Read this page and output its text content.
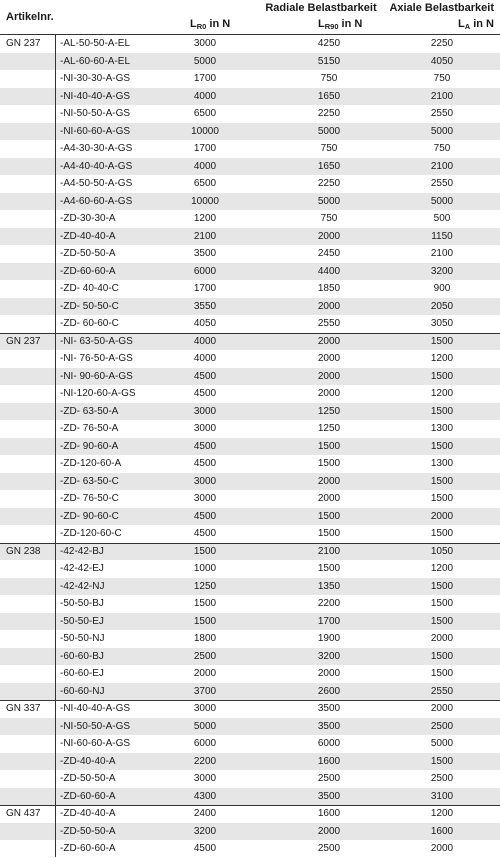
Artikelnr.
Radiale Belastbarkeit
$L_{R0}$ in N	$L_{R90}$ in N
Axiale Belastbarkeit
$L_A$ in N
GN 237 -AL-50-50-A-EL	3000	4250	2250
-AL-60-60-A-EL	5000	5150	4050
-NI-30-30-A-GS	1700	750	750
-NI-40-40-A-GS	4000	1650	2100
-NI-50-50-A-GS	6500	2250	2550
-NI-60-60-A-GS	10000	5000	5000
-A4-30-30-A-GS	1700	750	750
-A4-40-40-A-GS	4000	1650	2100
-A4-50-50-A-GS	6500	2250	2550
-A4-60-60-A-GS	10000	5000	5000
-ZD-30-30-A	1200	750	500
-ZD-40-40-A	2100	2000	1150
-ZD-50-50-A	3500	2450	2100
-ZD-60-60-A	6000	4400	3200
-ZD- 40-40-C	1700	1850	900
-ZD- 50-50-C	3550	2000	2050
-ZD- 60-60-C	4050	2550	3050
GN 237 -NI- 63-50-A-GS	4000	2000	1500
-NI- 76-50-A-GS	4000	2000	1200
-NI- 90-60-A-GS	4500	2000	1500
-NI-120-60-A-GS	4500	2000	1200
-ZD- 63-50-A	3000	1250	1500
-ZD- 76-50-A	3000	1250	1300
-ZD- 90-60-A	4500	1500	1500
-ZD-120-60-A	4500	1500	1300
-ZD- 63-50-C	3000	2000	1500
-ZD- 76-50-C	3000	2000	1500
-ZD- 90-60-C	4500	1500	2000
-ZD-120-60-C	4500	1500	1500
GN 238 -42-42-BJ	1500	2100	1050
-42-42-EJ	1000	1500	1200
-42-42-NJ	1250	1350	1500
-50-50-BJ	1500	2200	1500
-50-50-EJ	1500	1700	1500
-50-50-NJ	1800	1900	2000
-60-60-BJ	2500	3200	1500
-60-60-EJ	2000	2000	1500
-60-60-NJ	3700	2600	2550
GN 337 -NI-40-40-A-GS	3000	3500	2000
-NI-50-50-A-GS	5000	3500	2500
-NI-60-60-A-GS	6000	6000	5000
-ZD-40-40-A	2200	1600	1500
-ZD-50-50-A	3000	2500	2500
-ZD-60-60-A	4300	3500	3100
GN 437 -ZD-40-40-A	2400	1600	1200
-ZD-50-50-A	3200	2000	1600
-ZD-60-60-A	4500	2500	2000
